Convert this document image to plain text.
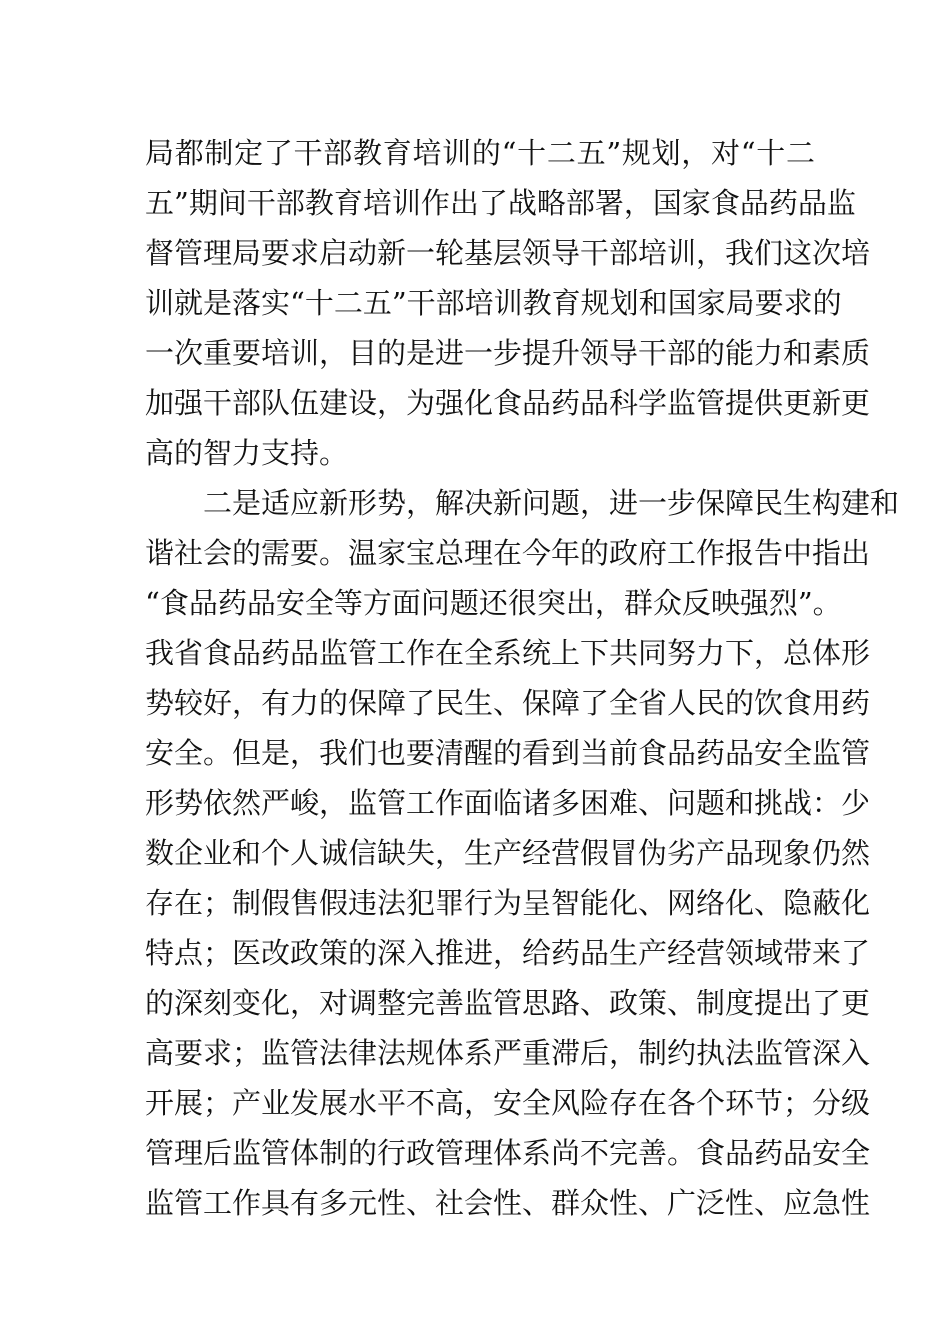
局都制定了干部教育培训的“十二五”规划，对“十二
五”期间干部教育培训作出了战略部署，国家食品药品监
督管理局要求启动新一轮基层领导干部培训，我们这次培
训就是落实“十二五”干部培训教育规划和国家局要求的
一次重要培训，目的是进一步提升领导干部的能力和素质
加强干部队伍建设，为强化食品药品科学监管提供更新更
高的智力支持。
二是适应新形势，解决新问题，进一步保障民生构建和
谐社会的需要。温家宝总理在今年的政府工作报告中指出
“食品药品安全等方面问题还很突出，群众反映强烈”。
我省食品药品监管工作在全系统上下共同努力下，总体形
势较好，有力的保障了民生、保障了全省人民的饮食用药
安全。但是，我们也要清醒的看到当前食品药品安全监管
形势依然严峻，监管工作面临诸多困难、问题和挑战：少
数企业和个人诚信缺失，生产经营假冒伪劣产品现象仍然
存在；制假售假违法犯罪行为呈智能化、网络化、隐蔽化
特点；医改政策的深入推进，给药品生产经营领域带来了
的深刻变化，对调整完善监管思路、政策、制度提出了更
高要求；监管法律法规体系严重滞后，制约执法监管深入
开展；产业发展水平不高，安全风险存在各个环节；分级
管理后监管体制的行政管理体系尚不完善。食品药品安全
监管工作具有多元性、社会性、群众性、广泛性、应急性
